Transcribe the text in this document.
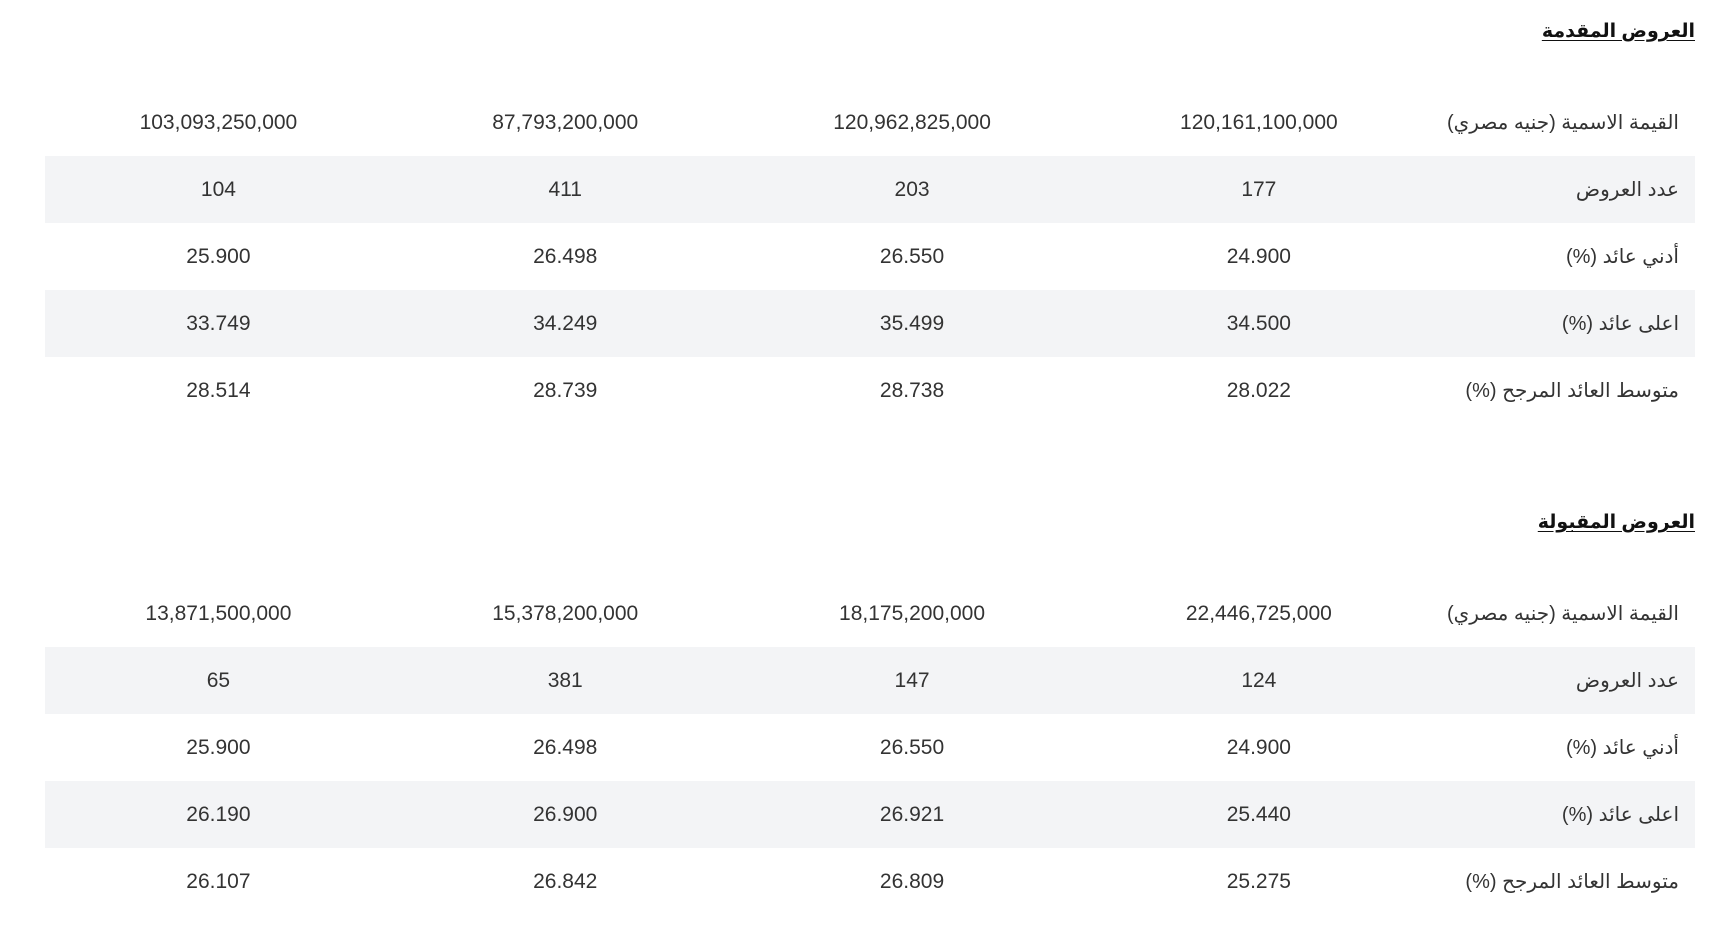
العروض المقدمة
القيمة الاسمية (جنيه مصري)	120,161,100,000	120,962,825,000	87,793,200,000	103,093,250,000
عدد العروض	177	203	411	104
أدني عائد (%)	24.900	26.550	26.498	25.900
اعلى عائد (%)	34.500	35.499	34.249	33.749
متوسط العائد المرجح (%)	28.022	28.738	28.739	28.514
العروض المقبولة
القيمة الاسمية (جنيه مصري)	22,446,725,000	18,175,200,000	15,378,200,000	13,871,500,000
عدد العروض	124	147	381	65
أدني عائد (%)	24.900	26.550	26.498	25.900
اعلى عائد (%)	25.440	26.921	26.900	26.190
متوسط العائد المرجح (%)	25.275	26.809	26.842	26.107
